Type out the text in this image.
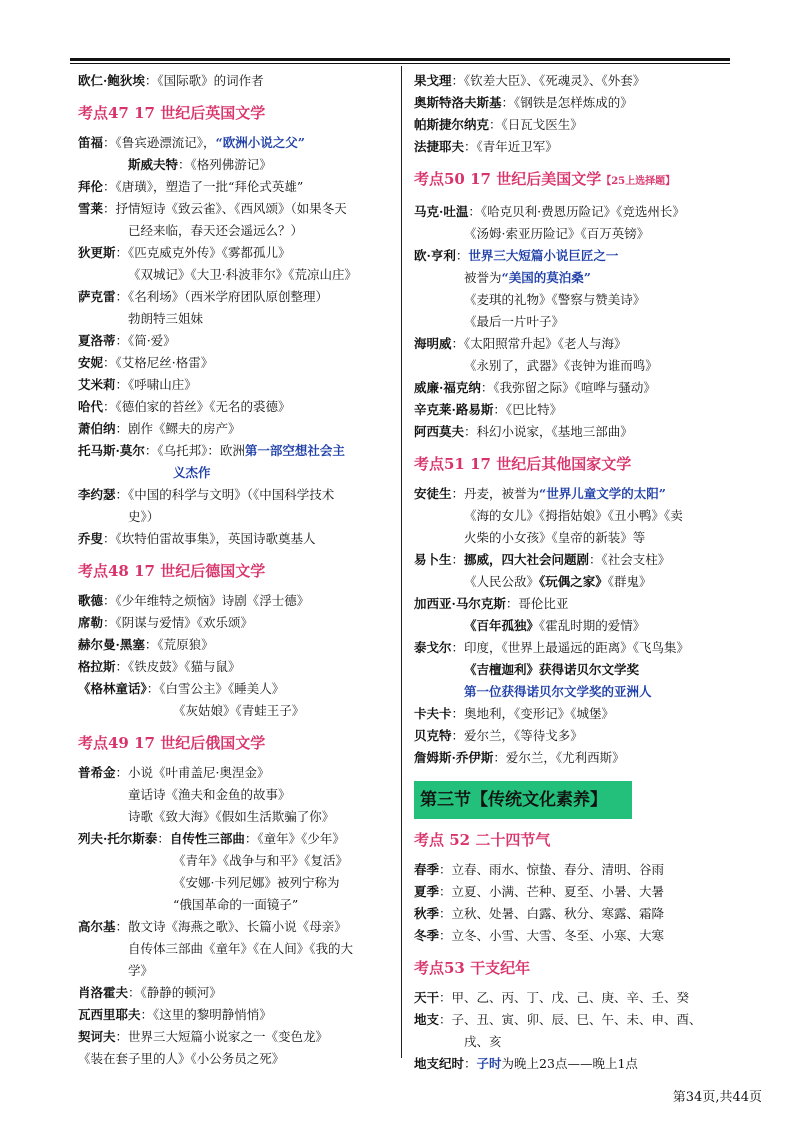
欧仁·鲍狄埃：《国际歌》的词作者
考点47 17 世纪后英国文学
笛福：《鲁宾逊漂流记》，“欧洲小说之父”
斯威夫特：《格列佛游记》
拜伦：《唐璜》，塑造了一批“拜伦式英雄”
雪莱：抒情短诗《致云雀》、《西风颂》（如果冬天
已经来临，春天还会遥远么？）
狄更斯：《匹克威克外传》《雾都孤儿》
《双城记》《大卫·科波菲尔》《荒凉山庄》
萨克雷：《名利场》（西米学府团队原创整理）
勃朗特三姐妹
夏洛蒂：《简·爱》
安妮：《艾格尼丝·格雷》
艾米莉：《呼啸山庄》
哈代：《德伯家的苔丝》《无名的裘德》
萧伯纳：剧作《鳏夫的房产》
托马斯·莫尔：《乌托邦》：欧洲第一部空想社会主
义杰作
李约瑟：《中国的科学与文明》（《中国科学技术
史》）
乔叟：《坎特伯雷故事集》，英国诗歌奠基人
考点48 17 世纪后德国文学
歌德：《少年维特之烦恼》诗剧《浮士德》
席勒：《阴谋与爱情》《欢乐颂》
赫尔曼·黑塞：《荒原狼》
格拉斯：《铁皮鼓》《猫与鼠》
《格林童话》：《白雪公主》《睡美人》
《灰姑娘》《青蛙王子》
考点49 17 世纪后俄国文学
普希金：小说《叶甫盖尼·奥涅金》
童话诗《渔夫和金鱼的故事》
诗歌《致大海》《假如生活欺骗了你》
列夫·托尔斯泰：自传性三部曲：《童年》《少年》
《青年》《战争与和平》《复活》
《安娜·卡列尼娜》被列宁称为
“俄国革命的一面镜子”
高尔基：散文诗《海燕之歌》、长篇小说《母亲》
自传体三部曲《童年》《在人间》《我的大
学》
肖洛霍夫：《静静的顿河》
瓦西里耶夫：《这里的黎明静悄悄》
契诃夫：世界三大短篇小说家之一《变色龙》
《装在套子里的人》《小公务员之死》
果戈理：《钦差大臣》、《死魂灵》、《外套》
奥斯特洛夫斯基：《钢铁是怎样炼成的》
帕斯捷尔纳克：《日瓦戈医生》
法捷耶夫：《青年近卫军》
考点50 17 世纪后美国文学【25上选择题】
马克·吐温：《哈克贝利·费恩历险记》《竞选州长》
《汤姆·索亚历险记》《百万英镑》
欧·亨利：世界三大短篇小说巨匠之一
被誉为“美国的莫泊桑”
《麦琪的礼物》《警察与赞美诗》
《最后一片叶子》
海明威：《太阳照常升起》《老人与海》
《永别了，武器》《丧钟为谁而鸣》
威廉·福克纳：《我弥留之际》《喧哗与骚动》
辛克莱·路易斯：《巴比特》
阿西莫夫：科幻小说家，《基地三部曲》
考点51 17 世纪后其他国家文学
安徒生：丹麦，被誉为“世界儿童文学的太阳”
《海的女儿》《拇指姑娘》《丑小鸭》《卖
火柴的小女孩》《皇帝的新装》等
易卜生：挪威，四大社会问题剧：《社会支柱》
《人民公敌》《玩偶之家》《群鬼》
加西亚·马尔克斯：哥伦比亚
《百年孤独》《霍乱时期的爱情》
泰戈尔：印度，《世界上最遥远的距离》《飞鸟集》
《吉檀迦利》获得诺贝尔文学奖
第一位获得诺贝尔文学奖的亚洲人
卡夫卡：奥地利，《变形记》《城堡》
贝克特：爱尔兰，《等待戈多》
詹姆斯·乔伊斯：爱尔兰，《尤利西斯》
第三节【传统文化素养】
考点 52 二十四节气
春季：立春、雨水、惊蛰、春分、清明、谷雨
夏季：立夏、小满、芒种、夏至、小暑、大暑
秋季：立秋、处暑、白露、秋分、寒露、霜降
冬季：立冬、小雪、大雪、冬至、小寒、大寒
考点53 干支纪年
天干：甲、乙、丙、丁、戊、己、庚、辛、壬、癸
地支：子、丑、寅、卯、辰、巳、午、未、申、酉、
戌、亥
地支纪时：子时为晚上23点——晚上1点
第34页,共44页
